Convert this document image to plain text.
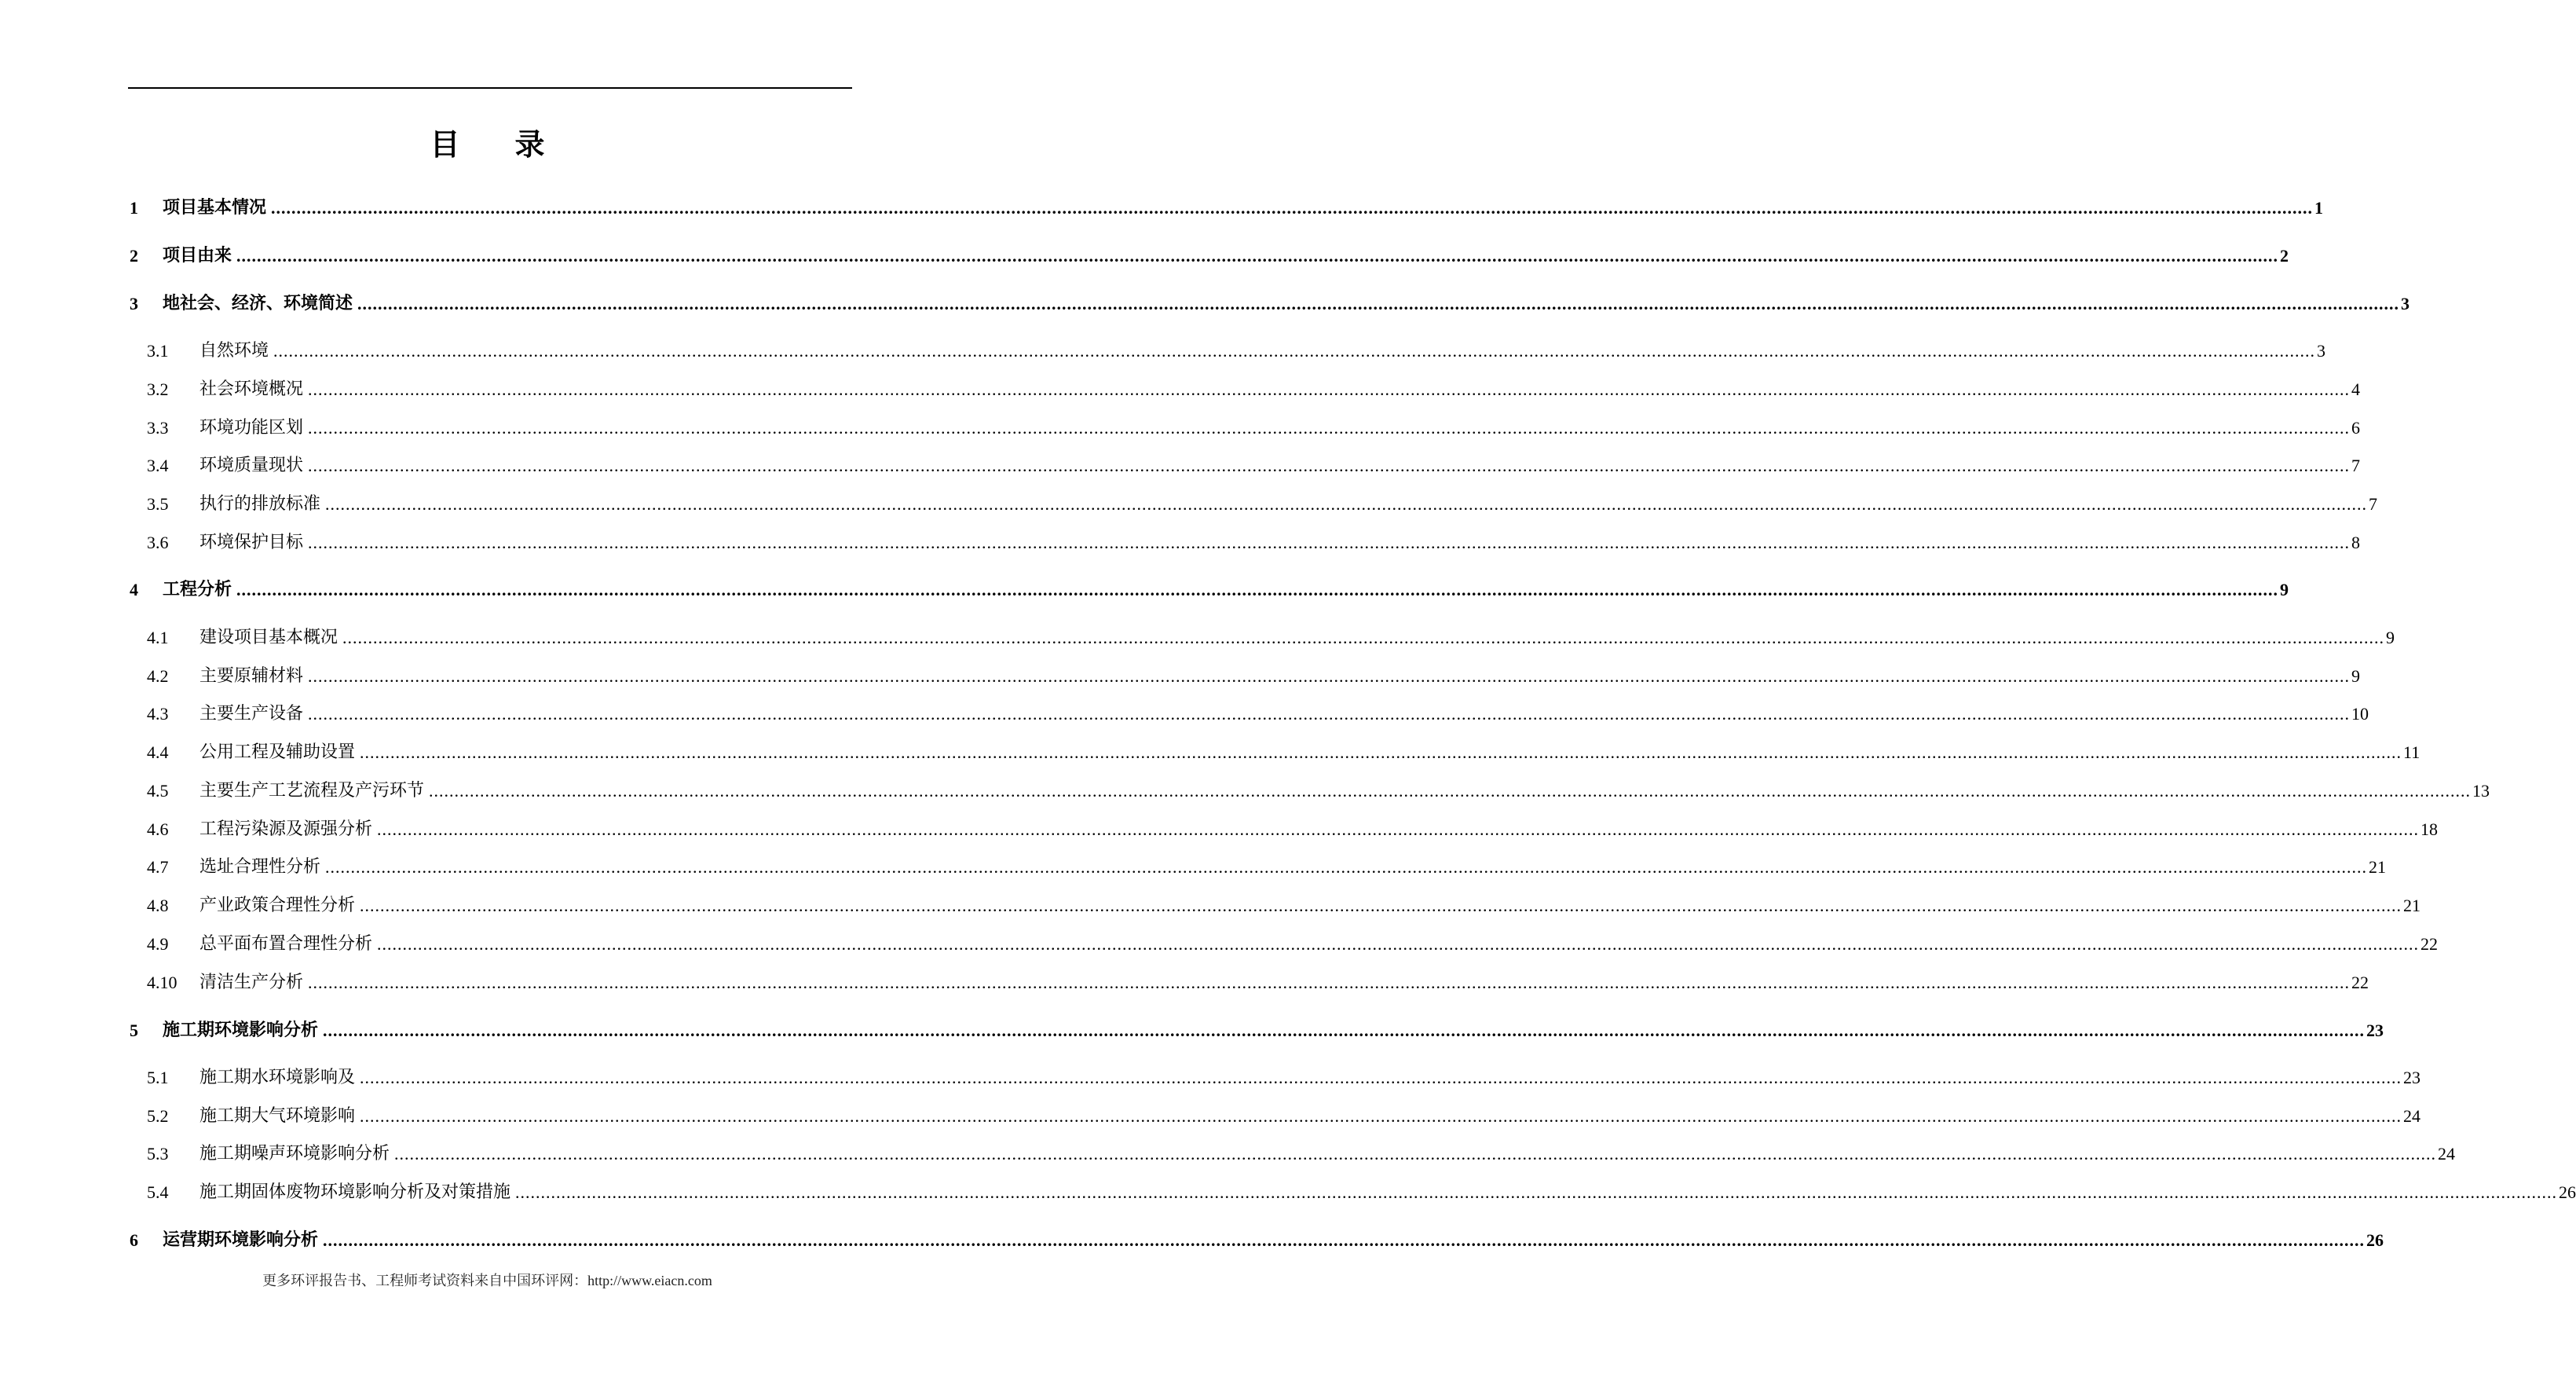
目 录
1	项目基本情况 ................................................................................................................................................................................................................................................................................................................................................................................................................ 1
2	项目由来 ................................................................................................................................................................................................................................................................................................................................................................................................................ 2
3	地社会、经济、环境简述 ................................................................................................................................................................................................................................................................................................................................................................................................................ 3
3.1	自然环境 ................................................................................................................................................................................................................................................................................................................................................................................................................ 3
3.2	社会环境概况 ................................................................................................................................................................................................................................................................................................................................................................................................................ 4
3.3	环境功能区划 ................................................................................................................................................................................................................................................................................................................................................................................................................ 6
3.4	环境质量现状 ................................................................................................................................................................................................................................................................................................................................................................................................................ 7
3.5	执行的排放标准 ................................................................................................................................................................................................................................................................................................................................................................................................................ 7
3.6	环境保护目标 ................................................................................................................................................................................................................................................................................................................................................................................................................ 8
4	工程分析 ................................................................................................................................................................................................................................................................................................................................................................................................................ 9
4.1	建设项目基本概况 ................................................................................................................................................................................................................................................................................................................................................................................................................ 9
4.2	主要原辅材料 ................................................................................................................................................................................................................................................................................................................................................................................................................ 9
4.3	主要生产设备 ................................................................................................................................................................................................................................................................................................................................................................................................................ 10
4.4	公用工程及辅助设置 ................................................................................................................................................................................................................................................................................................................................................................................................................ 11
4.5	主要生产工艺流程及产污环节 ................................................................................................................................................................................................................................................................................................................................................................................................................ 13
4.6	工程污染源及源强分析 ................................................................................................................................................................................................................................................................................................................................................................................................................ 18
4.7	选址合理性分析 ................................................................................................................................................................................................................................................................................................................................................................................................................ 21
4.8	产业政策合理性分析 ................................................................................................................................................................................................................................................................................................................................................................................................................ 21
4.9	总平面布置合理性分析 ................................................................................................................................................................................................................................................................................................................................................................................................................ 22
4.10	清洁生产分析 ................................................................................................................................................................................................................................................................................................................................................................................................................ 22
5	施工期环境影响分析 ................................................................................................................................................................................................................................................................................................................................................................................................................ 23
5.1	施工期水环境影响及 ................................................................................................................................................................................................................................................................................................................................................................................................................ 23
5.2	施工期大气环境影响 ................................................................................................................................................................................................................................................................................................................................................................................................................ 24
5.3	施工期噪声环境影响分析 ................................................................................................................................................................................................................................................................................................................................................................................................................ 24
5.4	施工期固体废物环境影响分析及对策措施 ................................................................................................................................................................................................................................................................................................................................................................................................................ 26
6	运营期环境影响分析 ................................................................................................................................................................................................................................................................................................................................................................................................................ 26
更多环评报告书、工程师考试资料来自中国环评网：http://www.eiacn.com
